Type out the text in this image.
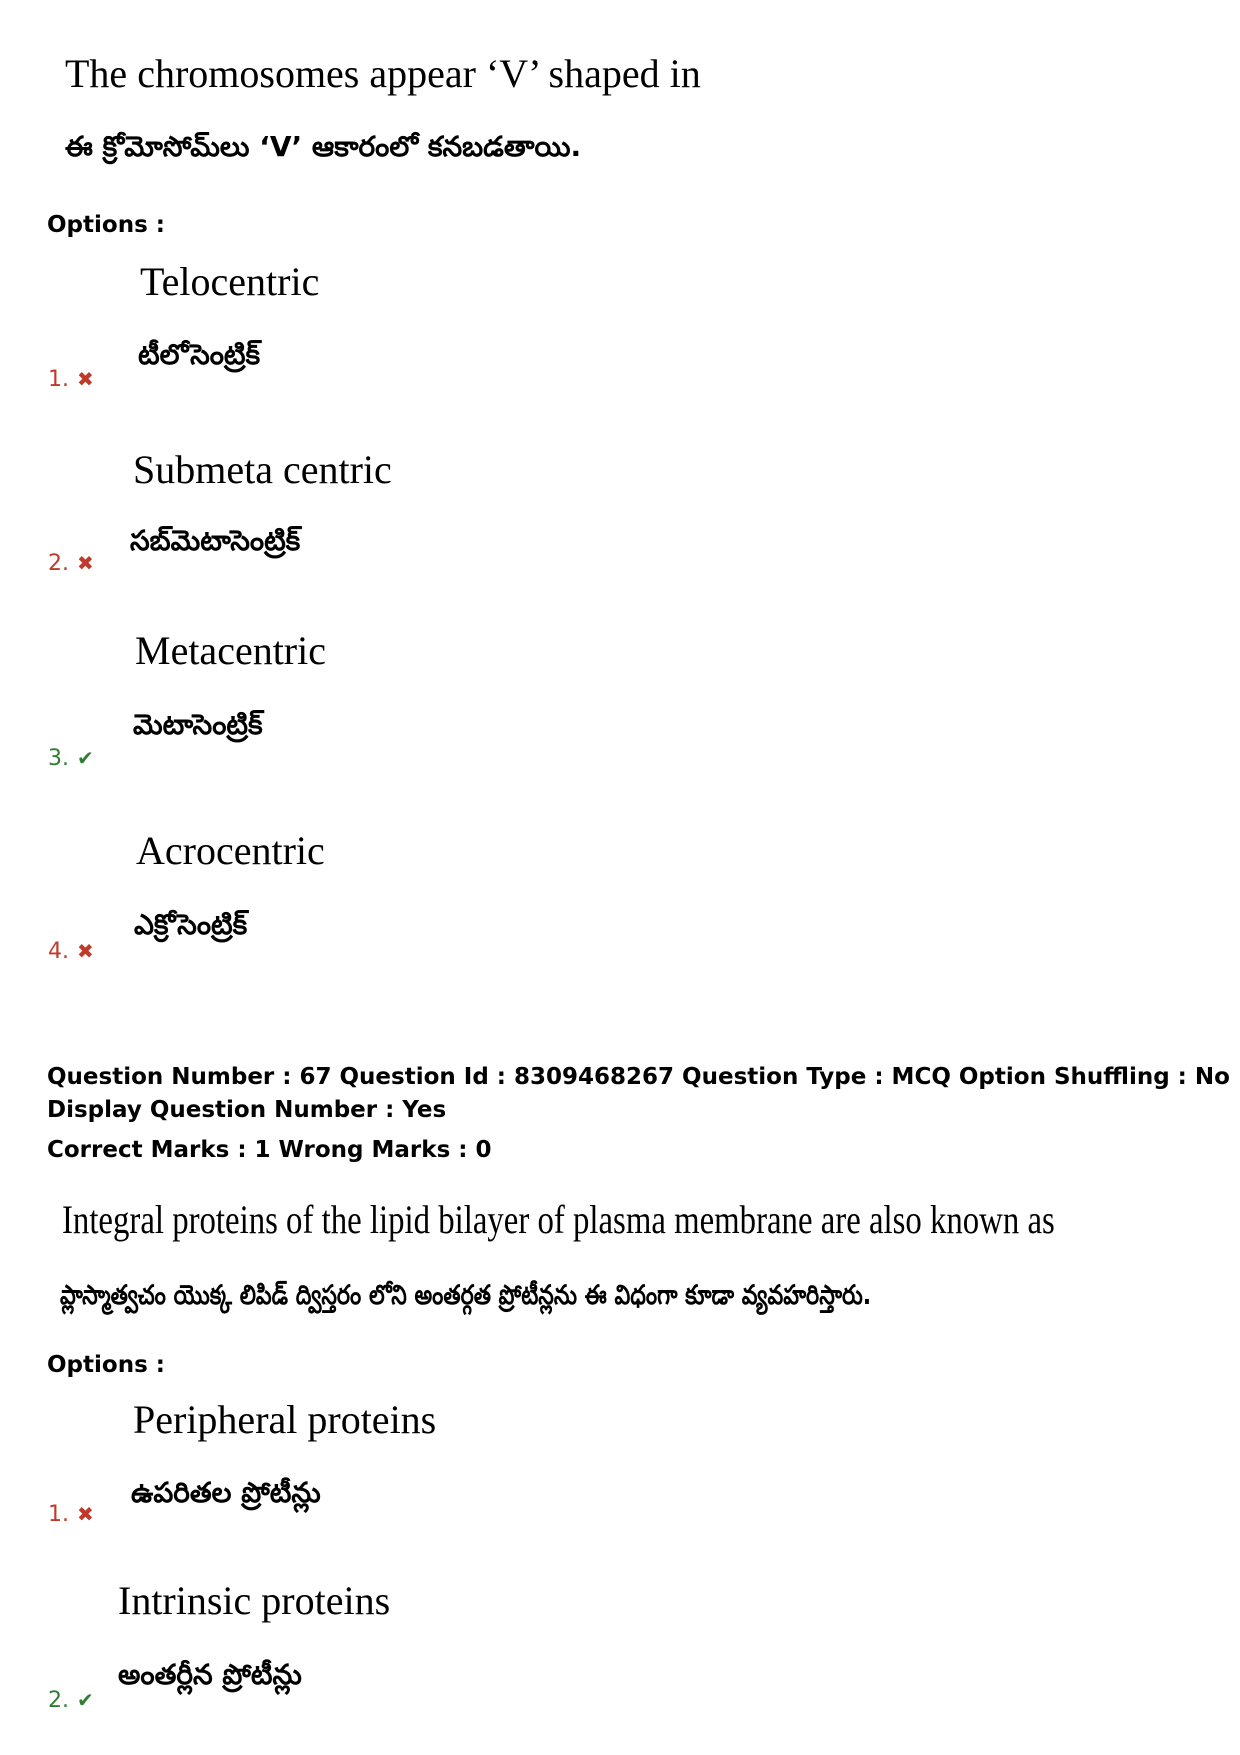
The chromosomes appear ‘V’ shaped in
ఈ క్రోమోసోమ్‌లు ‘V’ ఆకారంలో కనబడతాయి.
Options :
Telocentric
టీలోసెంట్రిక్
1. ✖
Submeta centric
సబ్‌మెటాసెంట్రిక్
2. ✖
Metacentric
మెటాసెంట్రిక్
3. ✔
Acrocentric
ఎక్రోసెంట్రిక్
4. ✖
Question Number : 67 Question Id : 8309468267 Question Type : MCQ Option Shuffling : No
Display Question Number : Yes
Correct Marks : 1 Wrong Marks : 0
Integral proteins of the lipid bilayer of plasma membrane are also known as
ప్లాస్మాత్వచం యొక్క లిపిడ్ ద్విస్తరం లోని అంతర్గత ప్రోటీన్లను ఈ విధంగా కూడా వ్యవహరిస్తారు.
Options :
Peripheral proteins
ఉపరితల ప్రోటీన్లు
1. ✖
Intrinsic proteins
అంతర్లీన ప్రోటీన్లు
2. ✔
